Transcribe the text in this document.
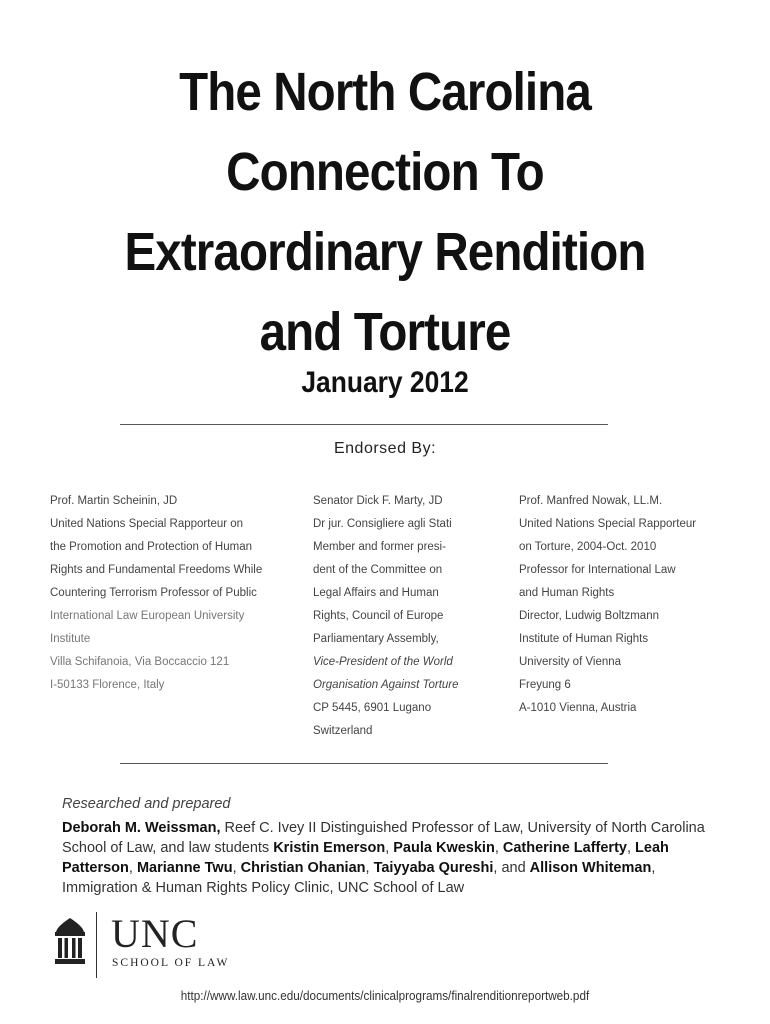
The North Carolina
Connection To
Extraordinary Rendition
and Torture
January 2012
Endorsed By:
Prof. Martin Scheinin, JD
United Nations Special Rapporteur on
the Promotion and Protection of Human
Rights and Fundamental Freedoms While
Countering Terrorism Professor of Public
International Law European University
Institute
Villa Schifanoia, Via Boccaccio 121
I-50133 Florence, Italy
Senator Dick F. Marty, JD
Dr jur. Consigliere agli Stati
Member and former presi-
dent of the Committee on
Legal Affairs and Human
Rights, Council of Europe
Parliamentary Assembly,
Vice-President of the World
Organisation Against Torture
CP 5445, 6901 Lugano
Switzerland
Prof. Manfred Nowak, LL.M.
United Nations Special Rapporteur
on Torture, 2004-Oct. 2010
Professor for International Law
and Human Rights
Director, Ludwig Boltzmann
Institute of Human Rights
University of Vienna
Freyung 6
A-1010 Vienna, Austria
Researched and prepared
Deborah M. Weissman, Reef C. Ivey II Distinguished Professor of Law, University of North Carolina School of Law, and law students Kristin Emerson, Paula Kweskin, Catherine Lafferty, Leah Patterson, Marianne Twu, Christian Ohanian, Taiyyaba Qureshi, and Allison Whiteman, Immigration & Human Rights Policy Clinic, UNC School of Law
UNC
SCHOOL OF LAW
http://www.law.unc.edu/documents/clinicalprograms/finalrenditionreportweb.pdf
